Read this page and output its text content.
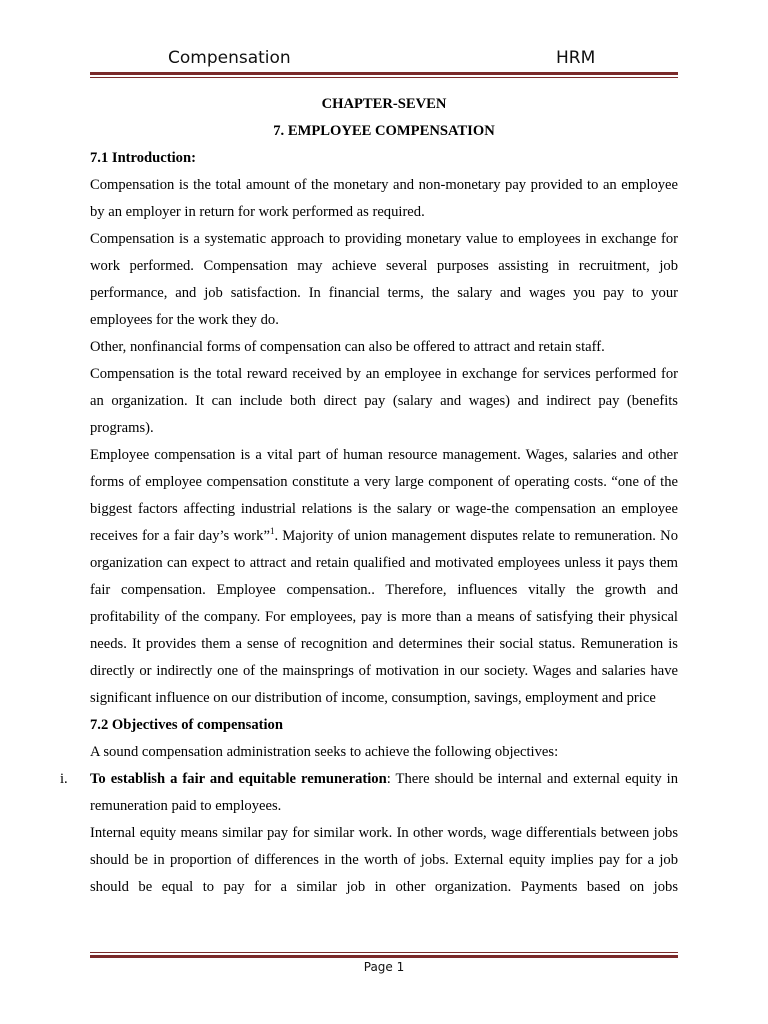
Compensation	HRM

CHAPTER-SEVEN

7. EMPLOYEE COMPENSATION

7.1 Introduction:

Compensation is the total amount of the monetary and non-monetary pay provided to an employee by an employer in return for work performed as required.

Compensation is a systematic approach to providing monetary value to employees in exchange for work performed. Compensation may achieve several purposes assisting in recruitment, job performance, and job satisfaction. In financial terms, the salary and wages you pay to your employees for the work they do.

Other, nonfinancial forms of compensation can also be offered to attract and retain staff.

Compensation is the total reward received by an employee in exchange for services performed for an organization. It can include both direct pay (salary and wages) and indirect pay (benefits programs).

Employee compensation is a vital part of human resource management. Wages, salaries and other forms of employee compensation constitute a very large component of operating costs. “one of the biggest factors affecting industrial relations is the salary or wage-the compensation an employee receives for a fair day’s work”$^1$. Majority of union management disputes relate to remuneration. No organization can expect to attract and retain qualified and motivated employees unless it pays them fair compensation. Employee compensation.. Therefore, influences vitally the growth and profitability of the company. For employees, pay is more than a means of satisfying their physical needs. It provides them a sense of recognition and determines their social status. Remuneration is directly or indirectly one of the mainsprings of motivation in our society. Wages and salaries have significant influence on our distribution of income, consumption, savings, employment and price

7.2 Objectives of compensation

A sound compensation administration seeks to achieve the following objectives:

i. To establish a fair and equitable remuneration: There should be internal and external equity in remuneration paid to employees.

Internal equity means similar pay for similar work. In other words, wage differentials between jobs should be in proportion of differences in the worth of jobs. External equity implies pay for a job should be equal to pay for a similar job in other organization. Payments based on jobs

Page 1
